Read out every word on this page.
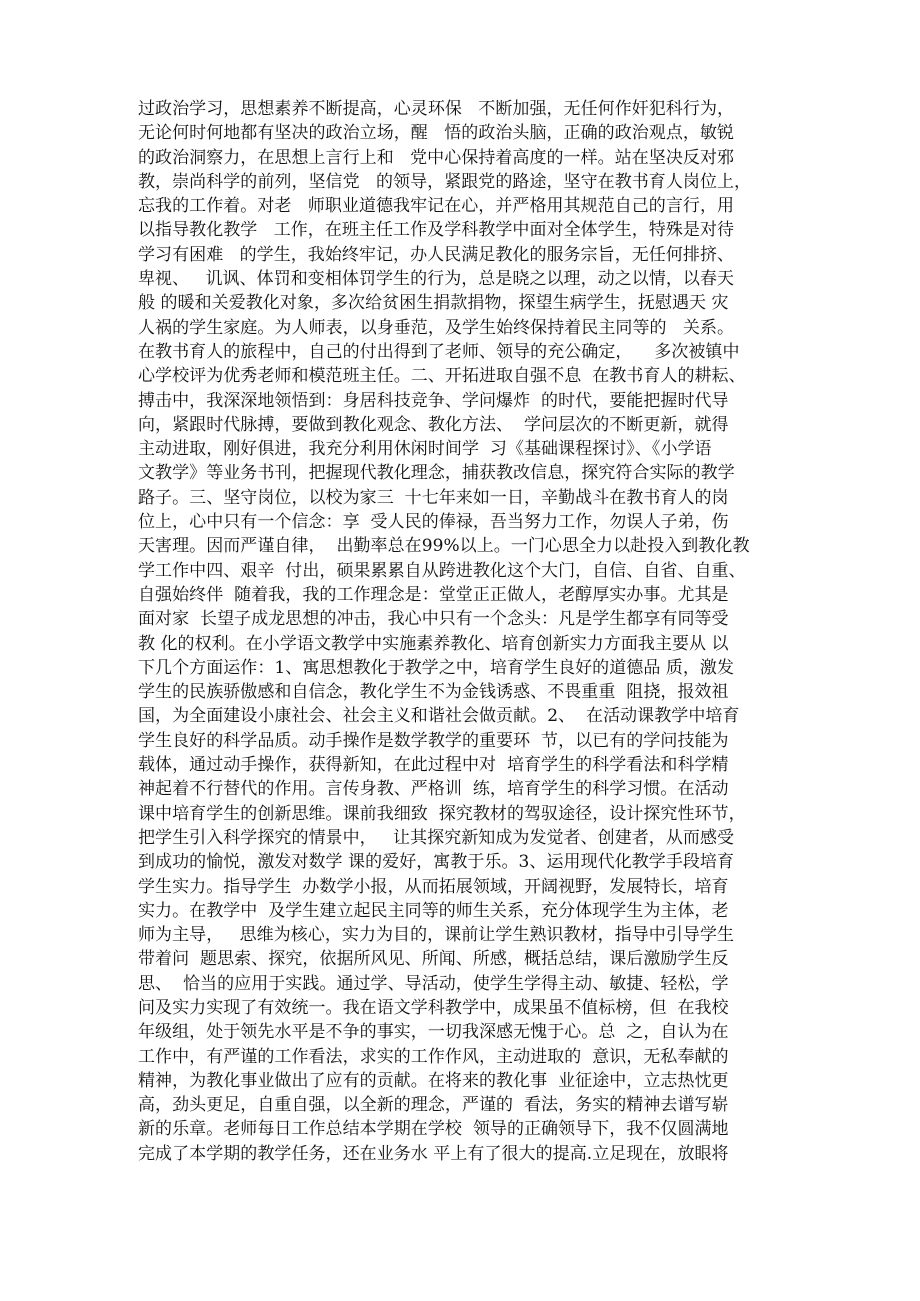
过政治学习，思想素养不断提高，心灵环保   不断加强，无任何作奸犯科行为，
无论何时何地都有坚决的政治立场，醒   悟的政治头脑，正确的政治观点，敏锐
的政治洞察力，在思想上言行上和   党中心保持着高度的一样。站在坚决反对邪
教，崇尚科学的前列，坚信党   的领导，紧跟党的路途，坚守在教书育人岗位上，
忘我的工作着。对老   师职业道德我牢记在心，并严格用其规范自己的言行，用
以指导教化教学   工作，在班主任工作及学科教学中面对全体学生，特殊是对待
学习有困难   的学生，我始终牢记，办人民满足教化的服务宗旨，无任何排挤、
卑视、   讥讽、体罚和变相体罚学生的行为，总是晓之以理，动之以情，以春天
般 的暖和关爱教化对象，多次给贫困生捐款捐物，探望生病学生，抚慰遇天 灾
人祸的学生家庭。为人师表，以身垂范，及学生始终保持着民主同等的   关系。
在教书育人的旅程中，自己的付出得到了老师、领导的充公确定，    多次被镇中
心学校评为优秀老师和模范班主任。二、开拓进取自强不息  在教书育人的耕耘、
搏击中，我深深地领悟到：身居科技竞争、学问爆炸  的时代，要能把握时代导
向，紧跟时代脉搏，要做到教化观念、教化方法、  学问层次的不断更新，就得
主动进取，刚好俱进，我充分利用休闲时间学  习《基础课程探讨》、《小学语
文教学》等业务书刊，把握现代教化理念，捕获教改信息，探究符合实际的教学
路子。三、坚守岗位，以校为家三  十七年来如一日，辛勤战斗在教书育人的岗
位上，心中只有一个信念：享  受人民的俸禄，吾当努力工作，勿误人子弟，伤
天害理。因而严谨自律，  出勤率总在99%以上。一门心思全力以赴投入到教化教
学工作中四、艰辛  付出，硕果累累自从跨进教化这个大门，自信、自省、自重、
自强始终伴  随着我，我的工作理念是：堂堂正正做人，老醇厚实办事。尤其是
面对家  长望子成龙思想的冲击，我心中只有一个念头：凡是学生都享有同等受
教 化的权利。在小学语文教学中实施素养教化、培育创新实力方面我主要从 以
下几个方面运作：1、寓思想教化于教学之中，培育学生良好的道德品 质，激发
学生的民族骄傲感和自信念，教化学生不为金钱诱惑、不畏重重  阻挠，报效祖
国，为全面建设小康社会、社会主义和谐社会做贡献。2、  在活动课教学中培育
学生良好的科学品质。动手操作是数学教学的重要环  节，以已有的学问技能为
载体，通过动手操作，获得新知，在此过程中对  培育学生的科学看法和科学精
神起着不行替代的作用。言传身教、严格训  练，培育学生的科学习惯。在活动
课中培育学生的创新思维。课前我细致  探究教材的驾驭途径，设计探究性环节，
把学生引入科学探究的情景中，   让其探究新知成为发觉者、创建者，从而感受
到成功的愉悦，激发对数学 课的爱好，寓教于乐。3、运用现代化教学手段培育
学生实力。指导学生  办数学小报，从而拓展领域，开阔视野，发展特长，培育
实力。在教学中  及学生建立起民主同等的师生关系，充分体现学生为主体，老
师为主导，   思维为核心，实力为目的，课前让学生熟识教材，指导中引导学生
带着问  题思索、探究，依据所风见、所闻、所感，概括总结，课后激励学生反
思、  恰当的应用于实践。通过学、导活动，使学生学得主动、敏捷、轻松，学
问及实力实现了有效统一。我在语文学科教学中，成果虽不值标榜，但  在我校
年级组，处于领先水平是不争的事实，一切我深感无愧于心。总  之，自认为在
工作中，有严谨的工作看法，求实的工作作风，主动进取的  意识，无私奉献的
精神，为教化事业做出了应有的贡献。在将来的教化事  业征途中，立志热忱更
高，劲头更足，自重自强，以全新的理念，严谨的  看法，务实的精神去谱写崭
新的乐章。老师每日工作总结本学期在学校  领导的正确领导下，我不仅圆满地
完成了本学期的教学任务，还在业务水 平上有了很大的提高.立足现在，放眼将
